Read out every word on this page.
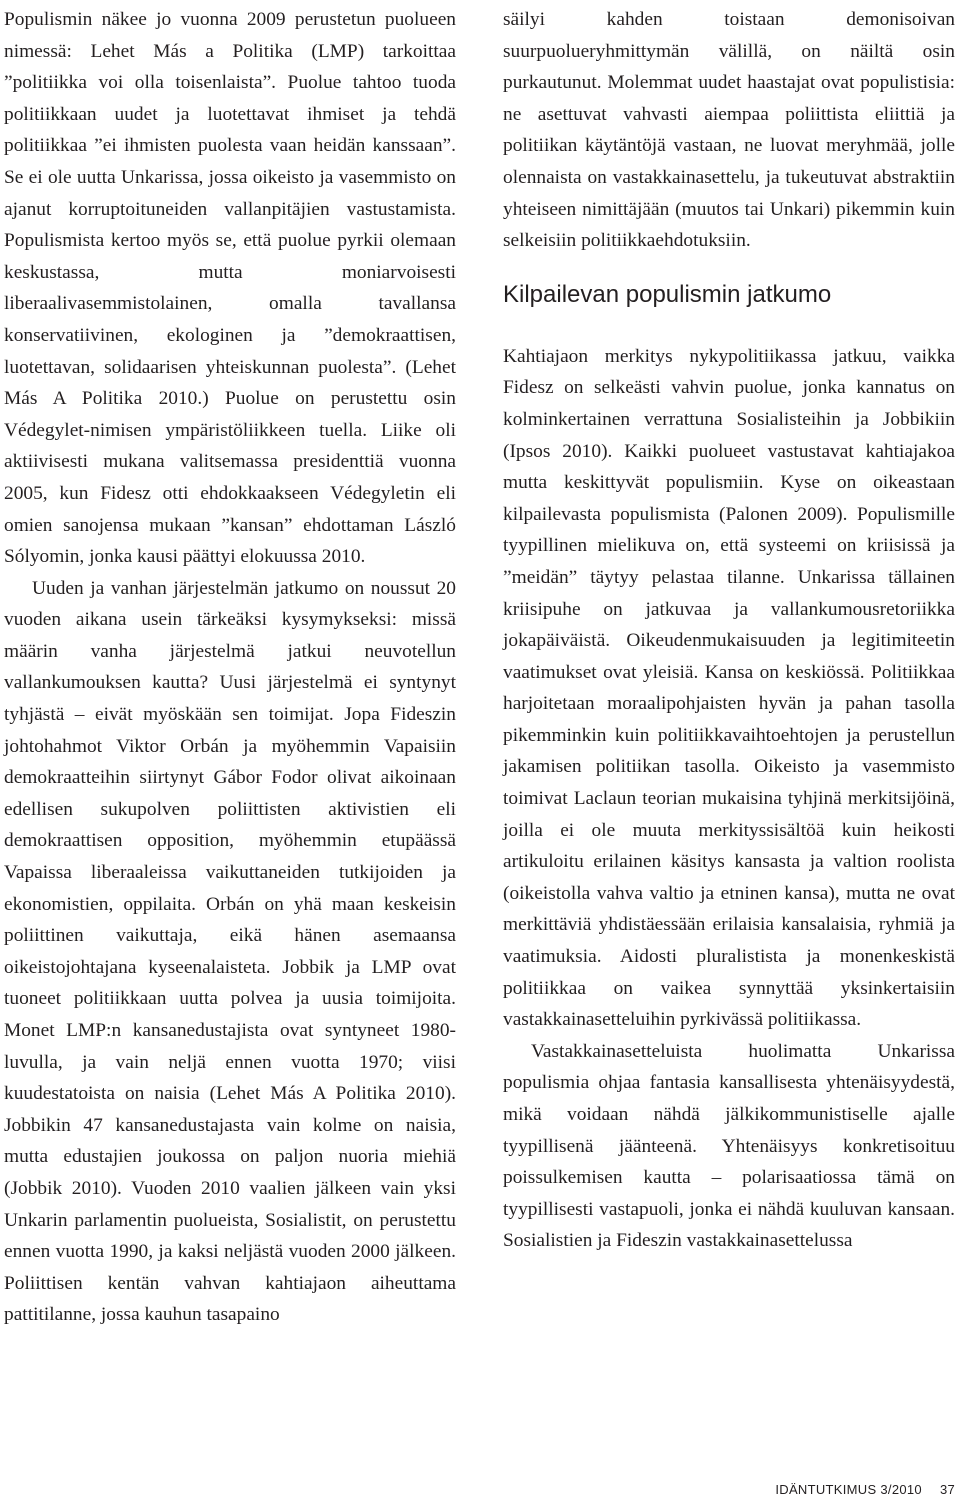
Populismin näkee jo vuonna 2009 perustetun puolueen nimessä: Lehet Más a Politika (LMP) tarkoittaa ”politiikka voi olla toisenlaista”. Puolue tahtoo tuoda politiikkaan uudet ja luotettavat ihmiset ja tehdä politiikkaa ”ei ihmisten puolesta vaan heidän kanssaan”. Se ei ole uutta Unkarissa, jossa oikeisto ja vasemmisto on ajanut korruptoituneiden vallanpitäjien vastustamista. Populismista kertoo myös se, että puolue pyrkii olemaan keskustassa, mutta moniarvoisesti liberaalivasemmistolainen, omalla tavallansa konservatiivinen, ekologinen ja ”demokraattisen, luotettavan, solidaarisen yhteiskunnan puolesta”. (Lehet Más A Politika 2010.) Puolue on perustettu osin Védegylet-nimisen ympäristöliikkeen tuella. Liike oli aktiivisesti mukana valitsemassa presidenttiä vuonna 2005, kun Fidesz otti ehdokkaakseen Védegyletin eli omien sanojensa mukaan ”kansan” ehdottaman László Sólyomin, jonka kausi päättyi elokuussa 2010.

Uuden ja vanhan järjestelmän jatkumo on noussut 20 vuoden aikana usein tärkeäksi kysymykseksi: missä määrin vanha järjestelmä jatkui neuvotellun vallankumouksen kautta? Uusi järjestelmä ei syntynyt tyhjästä – eivät myöskään sen toimijat. Jopa Fideszin johtohahmot Viktor Orbán ja myöhemmin Vapaisiin demokraatteihin siirtynyt Gábor Fodor olivat aikoinaan edellisen sukupolven poliittisten aktivistien eli demokraattisen opposition, myöhemmin etupäässä Vapaissa liberaaleissa vaikuttaneiden tutkijoiden ja ekonomistien, oppilaita. Orbán on yhä maan keskeisin poliittinen vaikuttaja, eikä hänen asemaansa oikeistojohtajana kyseenalaisteta. Jobbik ja LMP ovat tuoneet politiikkaan uutta polvea ja uusia toimijoita. Monet LMP:n kansanedustajista ovat syntyneet 1980-luvulla, ja vain neljä ennen vuotta 1970; viisi kuudestatoista on naisia (Lehet Más A Politika 2010). Jobbikin 47 kansanedustajasta vain kolme on naisia, mutta edustajien joukossa on paljon nuoria miehiä (Jobbik 2010). Vuoden 2010 vaalien jälkeen vain yksi Unkarin parlamentin puolueista, Sosialistit, on perustettu ennen vuotta 1990, ja kaksi neljästä vuoden 2000 jälkeen. Poliittisen kentän vahvan kahtiajaon aiheuttama pattitilanne, jossa kauhun tasapaino

säilyi kahden toistaan demonisoivan suurpuolueryhmittymän välillä, on näiltä osin purkautunut. Molemmat uudet haastajat ovat populistisia: ne asettuvat vahvasti aiempaa poliittista eliittiä ja politiikan käytäntöjä vastaan, ne luovat meryhmää, jolle olennaista on vastakkainasettelu, ja tukeutuvat abstraktiin yhteiseen nimittäjään (muutos tai Unkari) pikemmin kuin selkeisiin politiikkaehdotuksiin.

Kilpailevan populismin jatkumo

Kahtiajaon merkitys nykypolitiikassa jatkuu, vaikka Fidesz on selkeästi vahvin puolue, jonka kannatus on kolminkertainen verrattuna Sosialisteihin ja Jobbikiin (Ipsos 2010). Kaikki puolueet vastustavat kahtiajakoa mutta keskittyvät populismiin. Kyse on oikeastaan kilpailevasta populismista (Palonen 2009). Populismille tyypillinen mielikuva on, että systeemi on kriisissä ja ”meidän” täytyy pelastaa tilanne. Unkarissa tällainen kriisipuhe on jatkuvaa ja vallankumousretoriikka jokapäiväistä. Oikeudenmukaisuuden ja legitimiteetin vaatimukset ovat yleisiä. Kansa on keskiössä. Politiikkaa harjoitetaan moraalipohjaisten hyvän ja pahan tasolla pikemminkin kuin politiikkavaihtoehtojen ja perustellun jakamisen politiikan tasolla. Oikeisto ja vasemmisto toimivat Laclaun teorian mukaisina tyhjinä merkitsijöinä, joilla ei ole muuta merkityssisältöä kuin heikosti artikuloitu erilainen käsitys kansasta ja valtion roolista (oikeistolla vahva valtio ja etninen kansa), mutta ne ovat merkittäviä yhdistäessään erilaisia kansalaisia, ryhmiä ja vaatimuksia. Aidosti pluralistista ja monenkeskistä politiikkaa on vaikea synnyttää yksinkertaisiin vastakkainasetteluihin pyrkivässä politiikassa.

Vastakkainasetteluista huolimatta Unkarissa populismia ohjaa fantasia kansallisesta yhtenäisyydestä, mikä voidaan nähdä jälkikommunistiselle ajalle tyypillisenä jäänteenä. Yhtenäisyys konkretisoituu poissulkemisen kautta – polarisaatiossa tämä on tyypillisesti vastapuoli, jonka ei nähdä kuuluvan kansaan. Sosialistien ja Fideszin vastakkainasettelussa

IDÄNTUTKIMUS 3/2010 37
